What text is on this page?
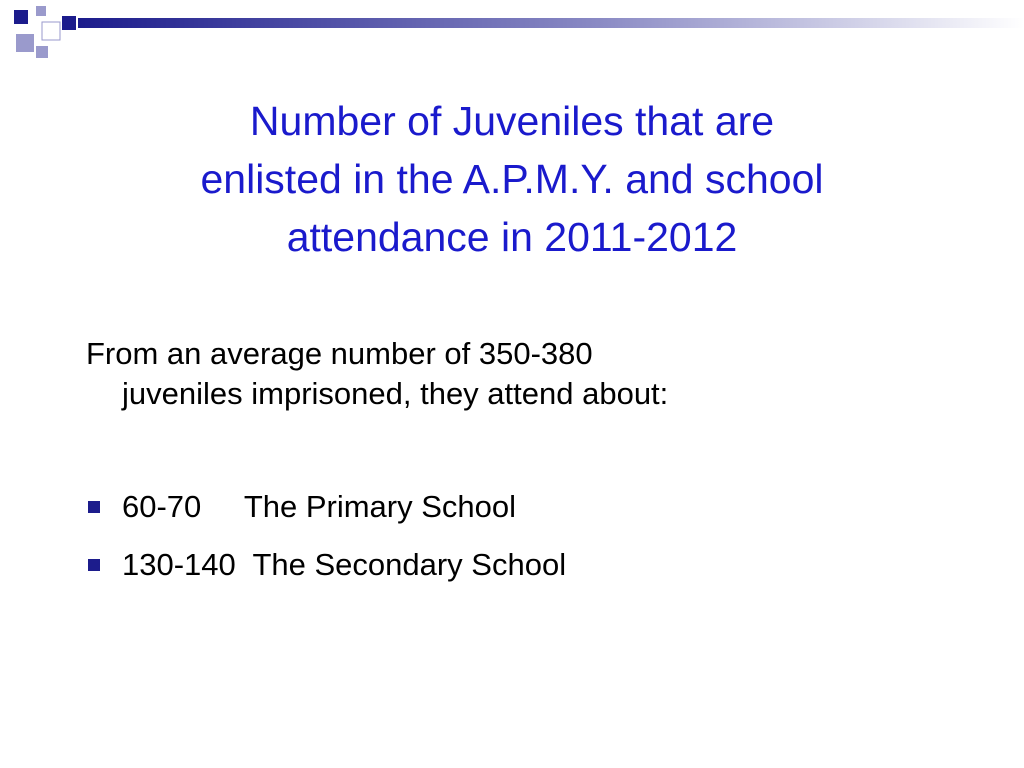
Number of Juveniles that are
enlisted in the A.P.M.Y. and school
attendance in 2011-2012
From an average number of 350-380
juveniles imprisoned, they attend about:
60-70 The Primary School
130-140 The Secondary School
